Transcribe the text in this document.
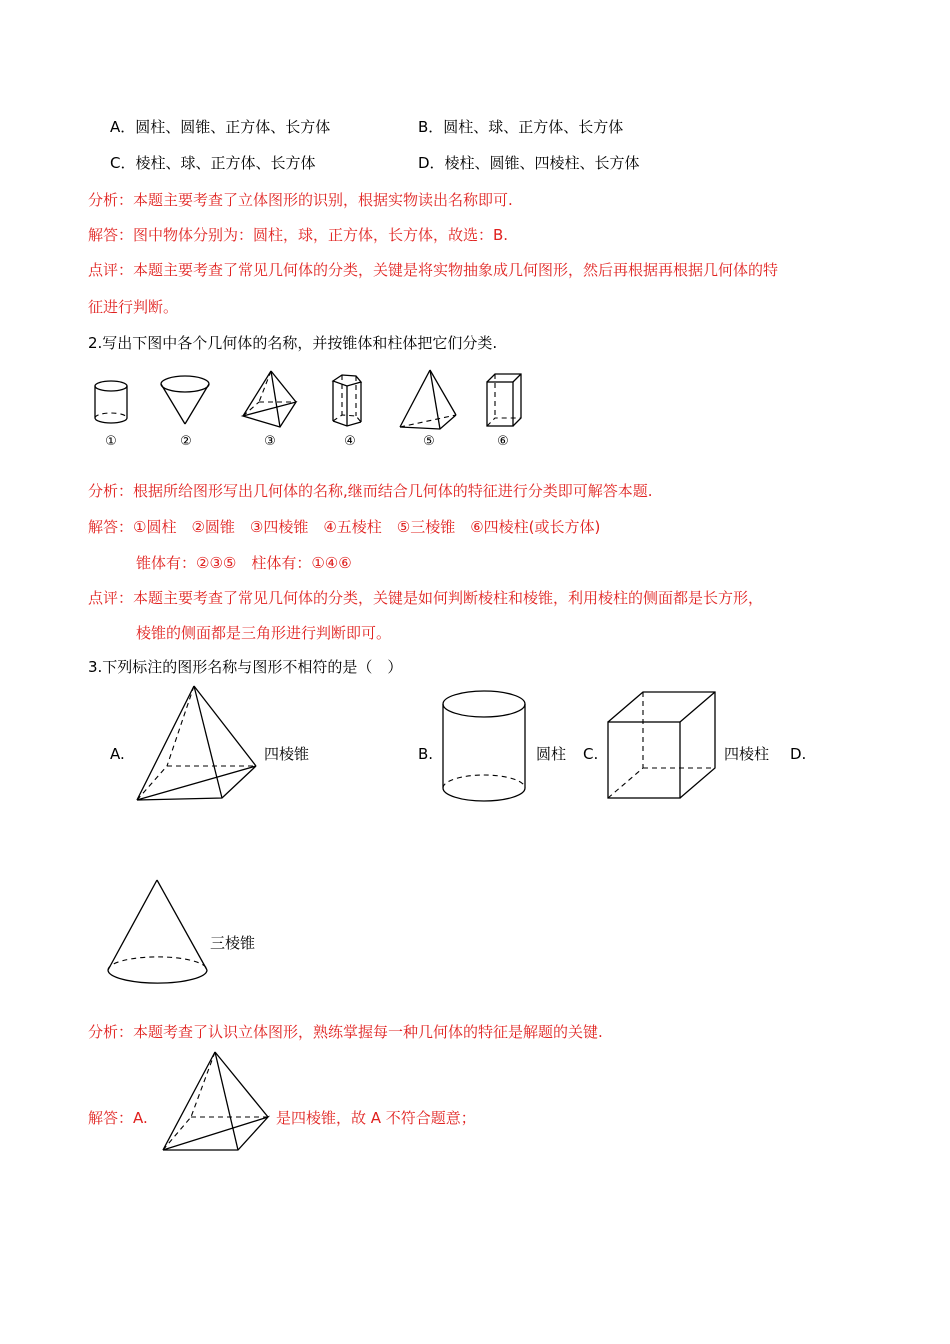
A．圆柱、圆锥、正方体、长方体	B．圆柱、球、正方体、长方体
C．棱柱、球、正方体、长方体	D．棱柱、圆锥、四棱柱、长方体
分析：本题主要考查了立体图形的识别，根据实物读出名称即可.
解答：图中物体分别为：圆柱，球，正方体，长方体，故选：B.
点评：本题主要考查了常见几何体的分类，关键是将实物抽象成几何图形，然后再根据再根据几何体的特
征进行判断。
2.写出下图中各个几何体的名称，并按锥体和柱体把它们分类.
①	②	③	④	⑤	⑥
分析：根据所给图形写出几何体的名称,继而结合几何体的特征进行分类即可解答本题.
解答：①圆柱　②圆锥　③四棱锥　④五棱柱　⑤三棱锥　⑥四棱柱(或长方体)
锥体有：②③⑤　柱体有：①④⑥
点评：本题主要考查了常见几何体的分类，关键是如何判断棱柱和棱锥，利用棱柱的侧面都是长方形，
棱锥的侧面都是三角形进行判断即可。
3.下列标注的图形名称与图形不相符的是（　）
A.	四棱锥	B.	圆柱 C.	四棱柱 D.
三棱锥
分析：本题考查了认识立体图形，熟练掌握每一种几何体的特征是解题的关键.
解答：A.	是四棱锥，故 A 不符合题意；
